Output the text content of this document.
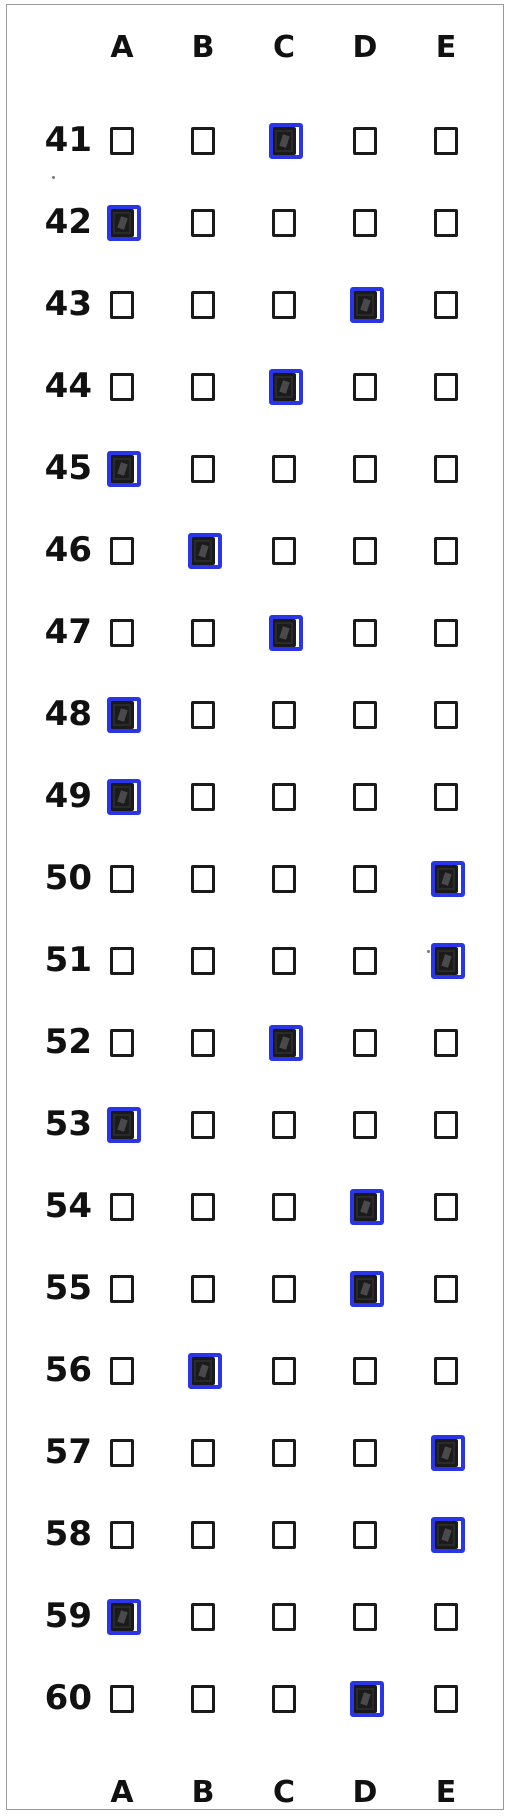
A B C D	E
41
42
43
44
45
46
47
48
49
50
51
52
53
54
55
56
57
58
59
60
A B C D	E
